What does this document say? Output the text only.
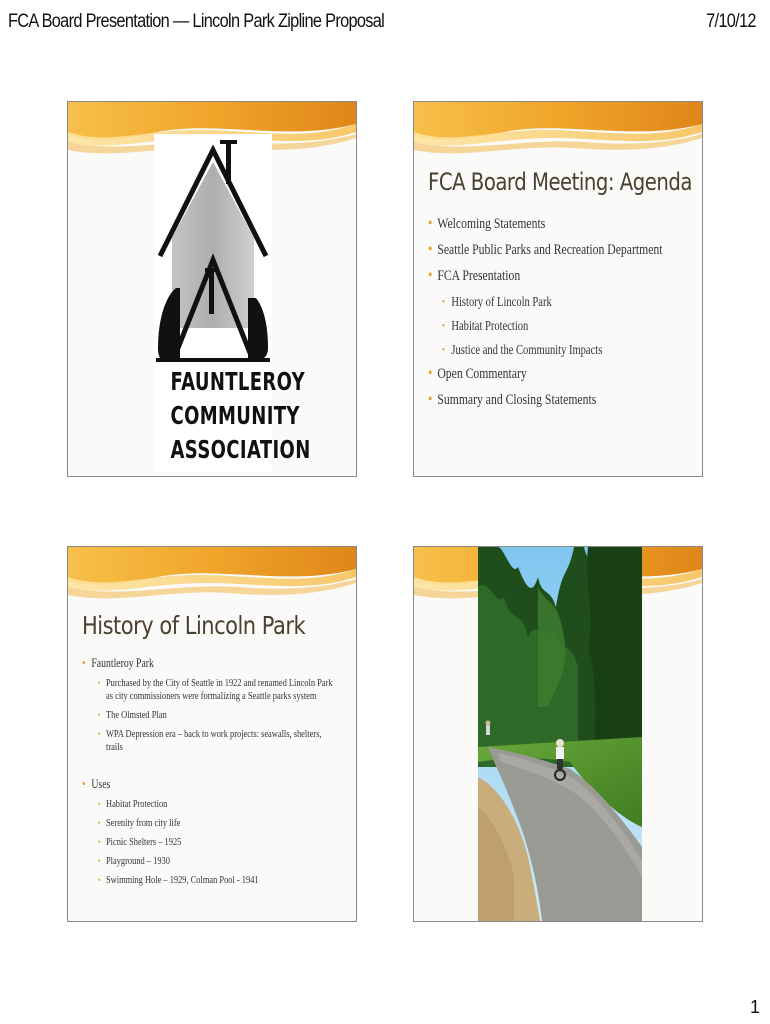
FCA Board Presentation — Lincoln Park Zipline Proposal	7/10/12
FAUNTLEROY
COMMUNITY
ASSOCIATION
FCA Board Meeting: Agenda
• Welcoming Statements
• Seattle Public Parks and Recreation Department
• FCA Presentation
• History of Lincoln Park
• Habitat Protection
• Justice and the Community Impacts
• Open Commentary
• Summary and Closing Statements
History of Lincoln Park
• Fauntleroy Park
• Purchased by the City of Seattle in 1922 and renamed Lincoln Park as city commissioners were formalizing a Seattle parks system
• The Olmsted Plan
• WPA Depression era – back to work projects: seawalls, shelters, trails
• Uses
• Habitat Protection
• Serenity from city life
• Picnic Shelters – 1925
• Playground – 1930
• Swimming Hole – 1929, Colman Pool - 1941
1
